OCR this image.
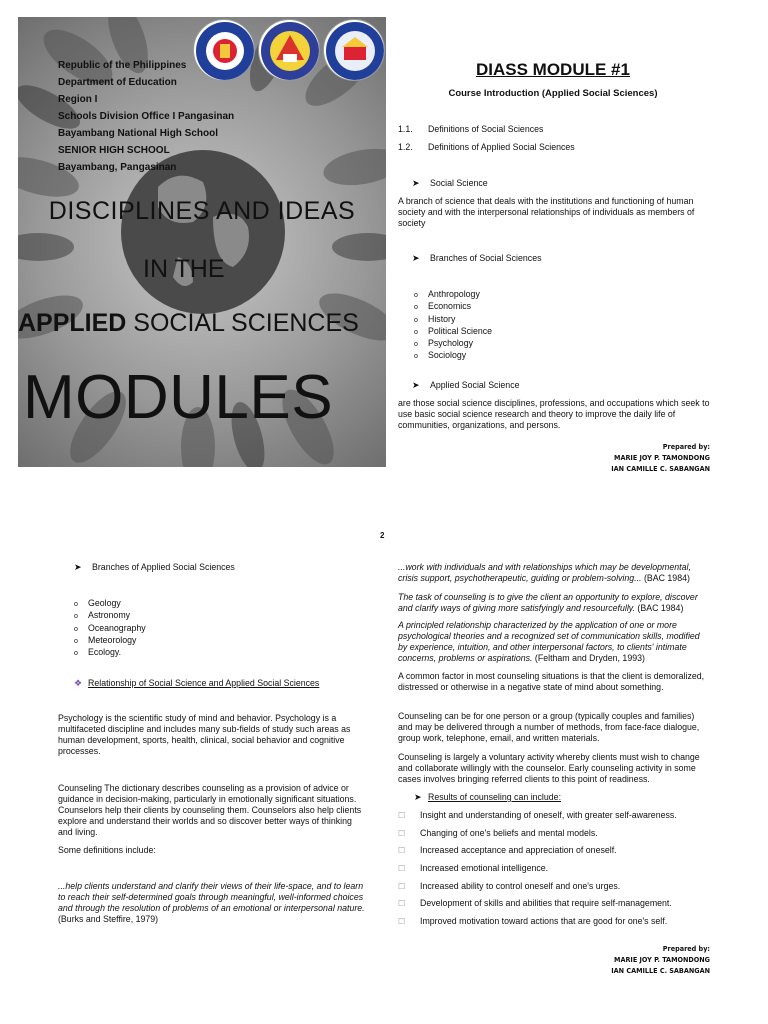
Republic of the Philippines
Department of Education
Region I
Schools Division Office I Pangasinan
Bayambang National High School
SENIOR HIGH SCHOOL
Bayambang, Pangasinan
DISCIPLINES AND IDEAS
IN THE
APPLIED SOCIAL SCIENCES
MODULES
DIASS MODULE #1
Course Introduction (Applied Social Sciences)
1.1. Definitions of Social Sciences
1.2. Definitions of Applied Social Sciences
➤ Social Science
A branch of science that deals with the institutions and functioning of human society and with the interpersonal relationships of individuals as members of society
➤ Branches of Social Sciences
o Anthropology
o Economics
o History
o Political Science
o Psychology
o Sociology
➤ Applied Social Science
are those social science disciplines, professions, and occupations which seek to use basic social science research and theory to improve the daily life of communities, organizations, and persons.
Prepared by:
MARIE JOY P. TAMONDONG
IAN CAMILLE C. SABANGAN
2
➤ Branches of Applied Social Sciences
o Geology
o Astronomy
o Oceanography
o Meteorology
o Ecology.
❖ Relationship of Social Science and Applied Social Sciences
Psychology is the scientific study of mind and behavior. Psychology is a multifaceted discipline and includes many sub-fields of study such areas as human development, sports, health, clinical, social behavior and cognitive processes.
Counseling The dictionary describes counseling as a provision of advice or guidance in decision-making, particularly in emotionally significant situations. Counselors help their clients by counseling them. Counselors also help clients explore and understand their worlds and so discover better ways of thinking and living.
Some definitions include:
...help clients understand and clarify their views of their life-space, and to learn to reach their self-determined goals through meaningful, well-informed choices and through the resolution of problems of an emotional or interpersonal nature. (Burks and Steffire, 1979)
...work with individuals and with relationships which may be developmental, crisis support, psychotherapeutic, guiding or problem-solving... (BAC 1984)
The task of counseling is to give the client an opportunity to explore, discover and clarify ways of giving more satisfyingly and resourcefully. (BAC 1984)
A principled relationship characterized by the application of one or more psychological theories and a recognized set of communication skills, modified by experience, intuition, and other interpersonal factors, to clients' intimate concerns, problems or aspirations. (Feltham and Dryden, 1993)
A common factor in most counseling situations is that the client is demoralized, distressed or otherwise in a negative state of mind about something.
Counseling can be for one person or a group (typically couples and families) and may be delivered through a number of methods, from face-face dialogue, group work, telephone, email, and written materials.
Counseling is largely a voluntary activity whereby clients must wish to change and collaborate willingly with the counselor. Early counseling activity in some cases involves bringing referred clients to this point of readiness.
➤ Results of counseling can include:
☐ Insight and understanding of oneself, with greater self-awareness.
☐ Changing of one's beliefs and mental models.
☐ Increased acceptance and appreciation of oneself.
☐ Increased emotional intelligence.
☐ Increased ability to control oneself and one's urges.
☐ Development of skills and abilities that require self-management.
☐ Improved motivation toward actions that are good for one's self.
Prepared by:
MARIE JOY P. TAMONDONG
IAN CAMILLE C. SABANGAN
